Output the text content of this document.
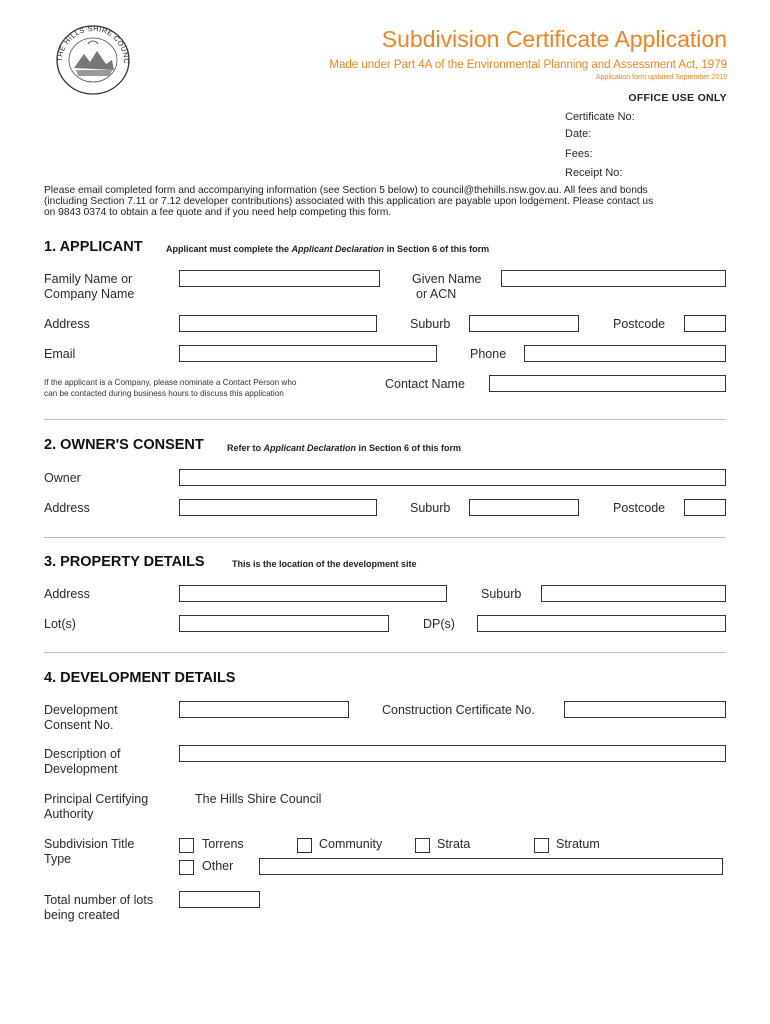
THE HILLS SHIRE COUNC
Subdivision Certificate Application
Made under Part 4A of the Environmental Planning and Assessment Act, 1979
Application form updated September 2019
OFFICE USE ONLY
Certificate No:
Date:
Fees:
Receipt No:
Please email completed form and accompanying information (see Section 5 below) to council@thehills.nsw.gov.au. All fees and bonds
(including Section 7.11 or 7.12 developer contributions) associated with this application are payable upon lodgement. Please contact us
on 9843 0374 to obtain a fee quote and if you need help competing this form.
1. APPLICANT	Applicant must complete the Applicant Declaration in Section 6 of this form
Family Name or
Company Name
Given Name
or ACN
Address	Suburb	Postcode
Email	Phone
If the applicant is a Company, please nominate a Contact Person who
can be contacted during business hours to discuss this application
Contact Name
2. OWNER'S CONSENT	Refer to Applicant Declaration in Section 6 of this form
Owner
Address	Suburb	Postcode
3. PROPERTY DETAILS	This is the location of the development site
Address	Suburb
Lot(s)	DP(s)
4. DEVELOPMENT DETAILS
Development
Consent No.
Construction Certificate No.
Description of
Development
Principal Certifying
Authority
The Hills Shire Council
Subdivision Title
Type
Torrens	Community	Strata	Stratum
Other
Total number of lots
being created
